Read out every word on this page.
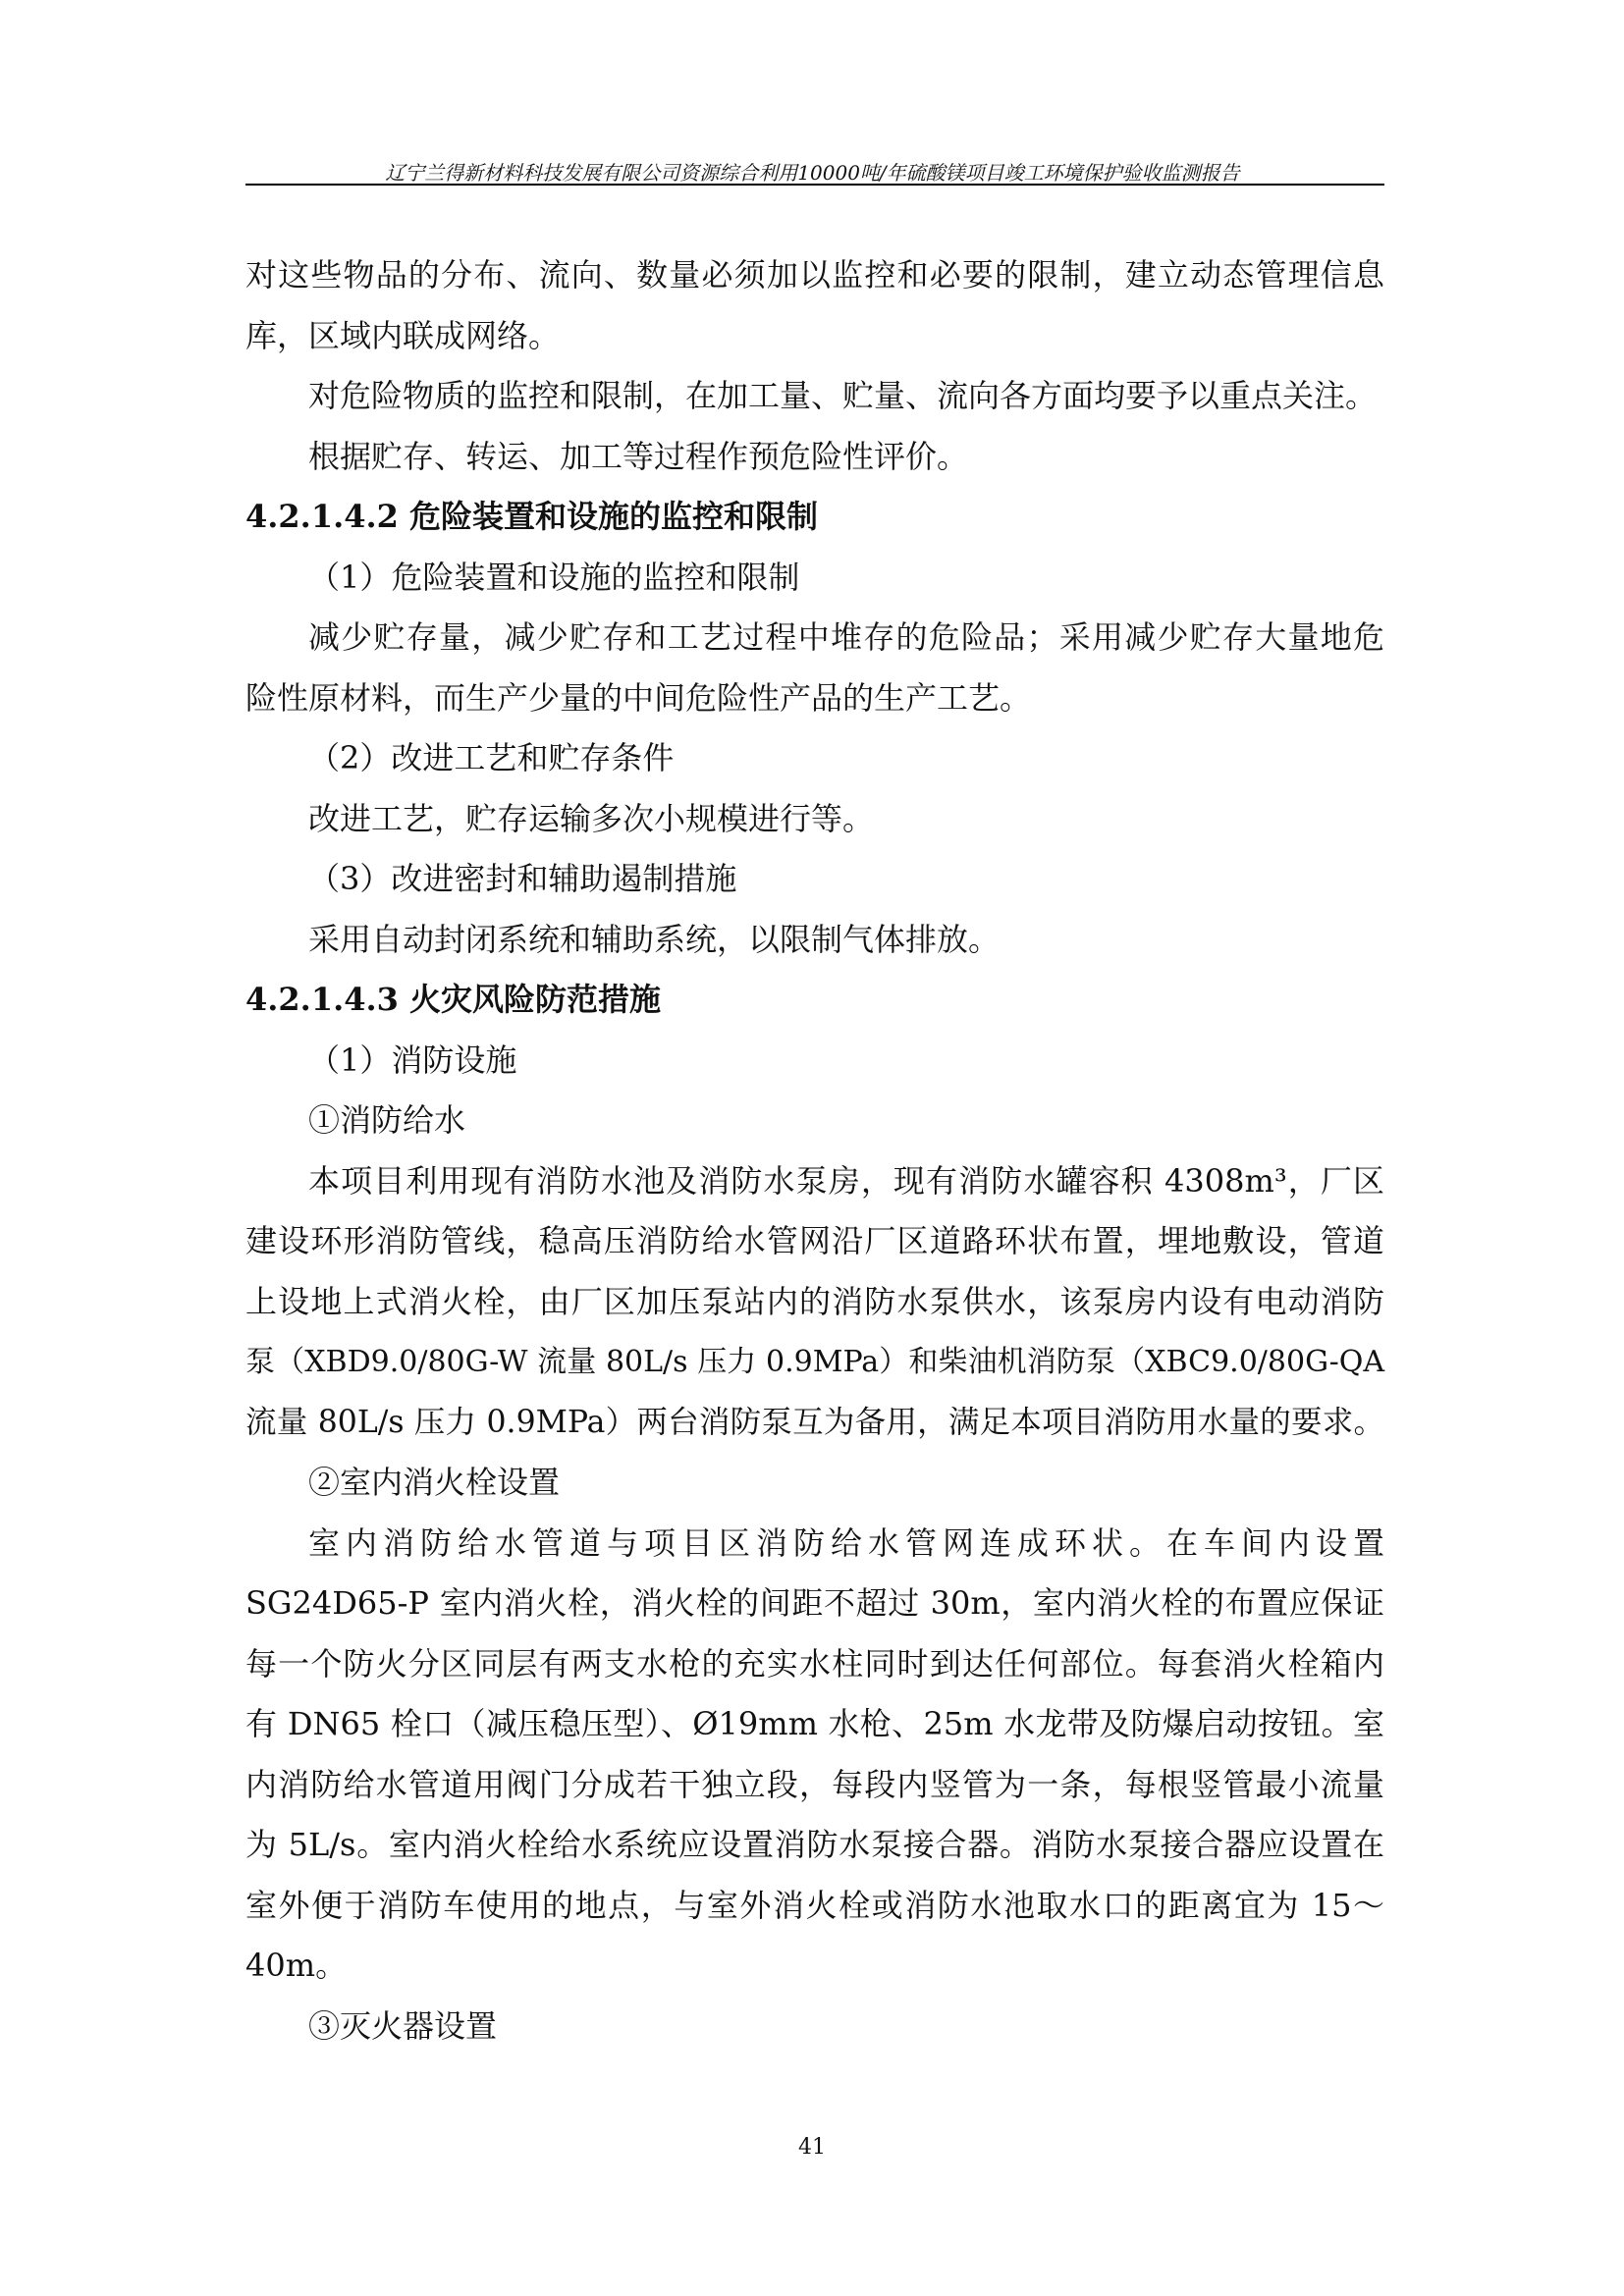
辽宁兰得新材料科技发展有限公司资源综合利用10000吨/年硫酸镁项目竣工环境保护验收监测报告
对这些物品的分布、流向、数量必须加以监控和必要的限制，建立动态管理信息
库，区域内联成网络。
对危险物质的监控和限制，在加工量、贮量、流向各方面均要予以重点关注。
根据贮存、转运、加工等过程作预危险性评价。
4.2.1.4.2 危险装置和设施的监控和限制
（1）危险装置和设施的监控和限制
减少贮存量，减少贮存和工艺过程中堆存的危险品；采用减少贮存大量地危
险性原材料，而生产少量的中间危险性产品的生产工艺。
（2）改进工艺和贮存条件
改进工艺，贮存运输多次小规模进行等。
（3）改进密封和辅助遏制措施
采用自动封闭系统和辅助系统，以限制气体排放。
4.2.1.4.3 火灾风险防范措施
（1）消防设施
①消防给水
本项目利用现有消防水池及消防水泵房，现有消防水罐容积 4308m³，厂区
建设环形消防管线，稳高压消防给水管网沿厂区道路环状布置，埋地敷设，管道
上设地上式消火栓，由厂区加压泵站内的消防水泵供水，该泵房内设有电动消防
泵（XBD9.0/80G-W 流量 80L/s 压力 0.9MPa）和柴油机消防泵（XBC9.0/80G-QA
流量 80L/s 压力 0.9MPa）两台消防泵互为备用，满足本项目消防用水量的要求。
②室内消火栓设置
室内消防给水管道与项目区消防给水管网连成环状。在车间内设置
SG24D65-P 室内消火栓，消火栓的间距不超过 30m，室内消火栓的布置应保证
每一个防火分区同层有两支水枪的充实水柱同时到达任何部位。每套消火栓箱内
有 DN65 栓口（减压稳压型）、Ø19mm 水枪、25m 水龙带及防爆启动按钮。室
内消防给水管道用阀门分成若干独立段，每段内竖管为一条，每根竖管最小流量
为 5L/s。室内消火栓给水系统应设置消防水泵接合器。消防水泵接合器应设置在
室外便于消防车使用的地点，与室外消火栓或消防水池取水口的距离宜为 15～
40m。
③灭火器设置
41
